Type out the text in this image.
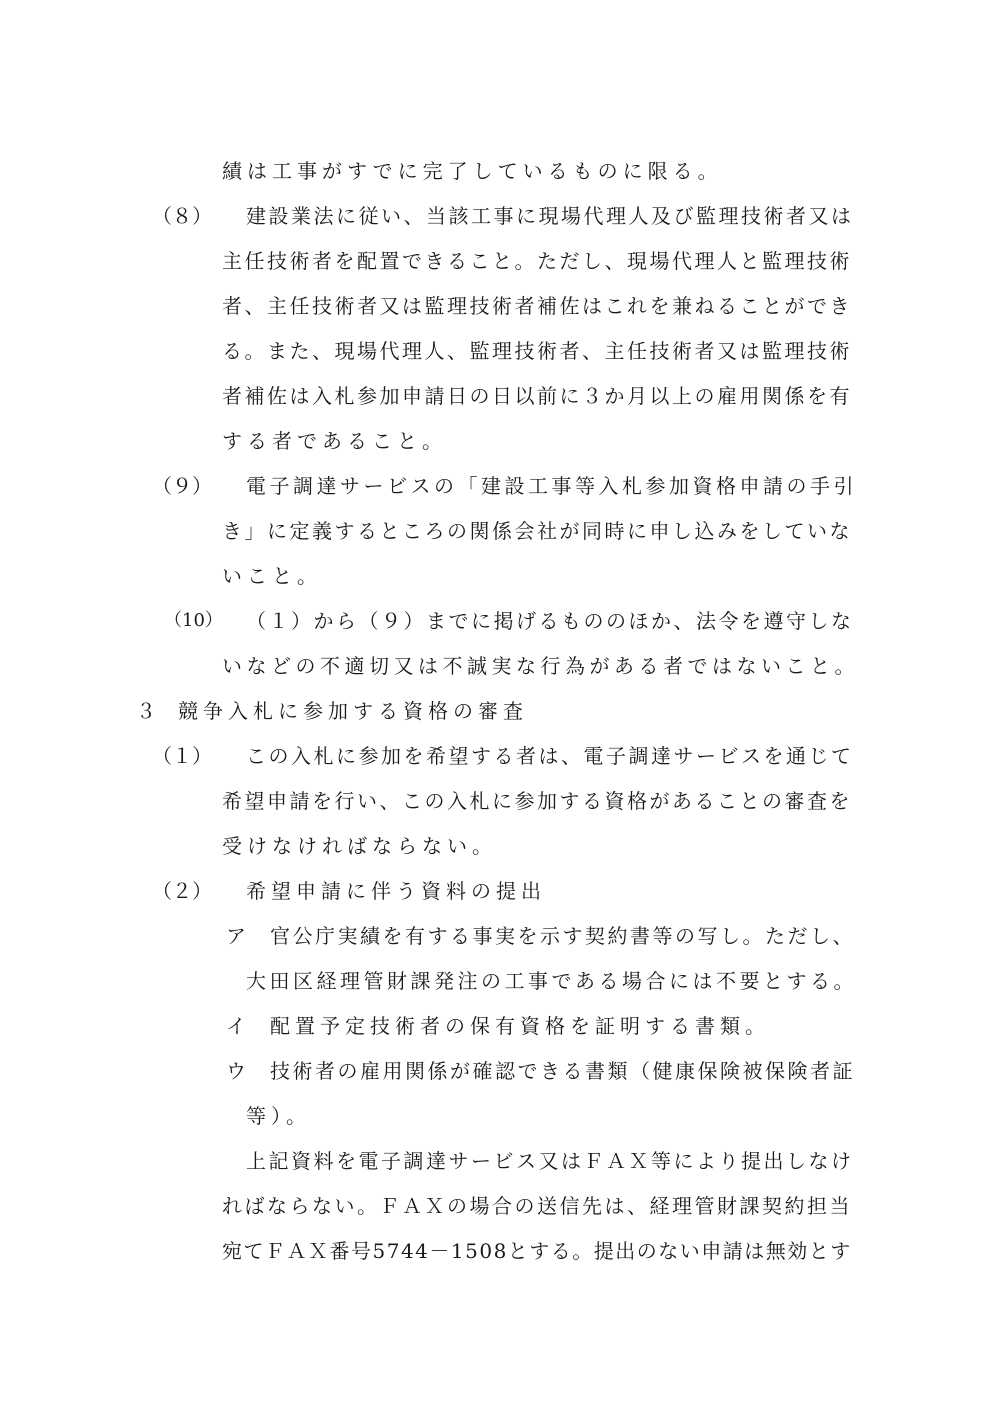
績は工事がすでに完了しているものに限る。
（８） 建設業法に従い、当該工事に現場代理人及び監理技術者又は
主任技術者を配置できること。ただし、現場代理人と監理技術
者、主任技術者又は監理技術者補佐はこれを兼ねることができ
る。また、現場代理人、監理技術者、主任技術者又は監理技術
者補佐は入札参加申請日の日以前に３か月以上の雇用関係を有
する者であること。
（９） 電子調達サービスの「建設工事等入札参加資格申請の手引
き」に定義するところの関係会社が同時に申し込みをしていな
いこと。
（10） （１）から（９）までに掲げるもののほか、法令を遵守しな
いなどの不適切又は不誠実な行為がある者ではないこと。
３ 競争入札に参加する資格の審査
（１） この入札に参加を希望する者は、電子調達サービスを通じて
希望申請を行い、この入札に参加する資格があることの審査を
受けなければならない。
（２） 希望申請に伴う資料の提出
ア 官公庁実績を有する事実を示す契約書等の写し。ただし、
大田区経理管財課発注の工事である場合には不要とする。
イ 配置予定技術者の保有資格を証明する書類。
ウ 技術者の雇用関係が確認できる書類（健康保険被保険者証
等）。
上記資料を電子調達サービス又はＦＡＸ等により提出しなけ
ればならない。ＦＡＸの場合の送信先は、経理管財課契約担当
宛てＦＡＸ番号5744－1508とする。提出のない申請は無効とす
